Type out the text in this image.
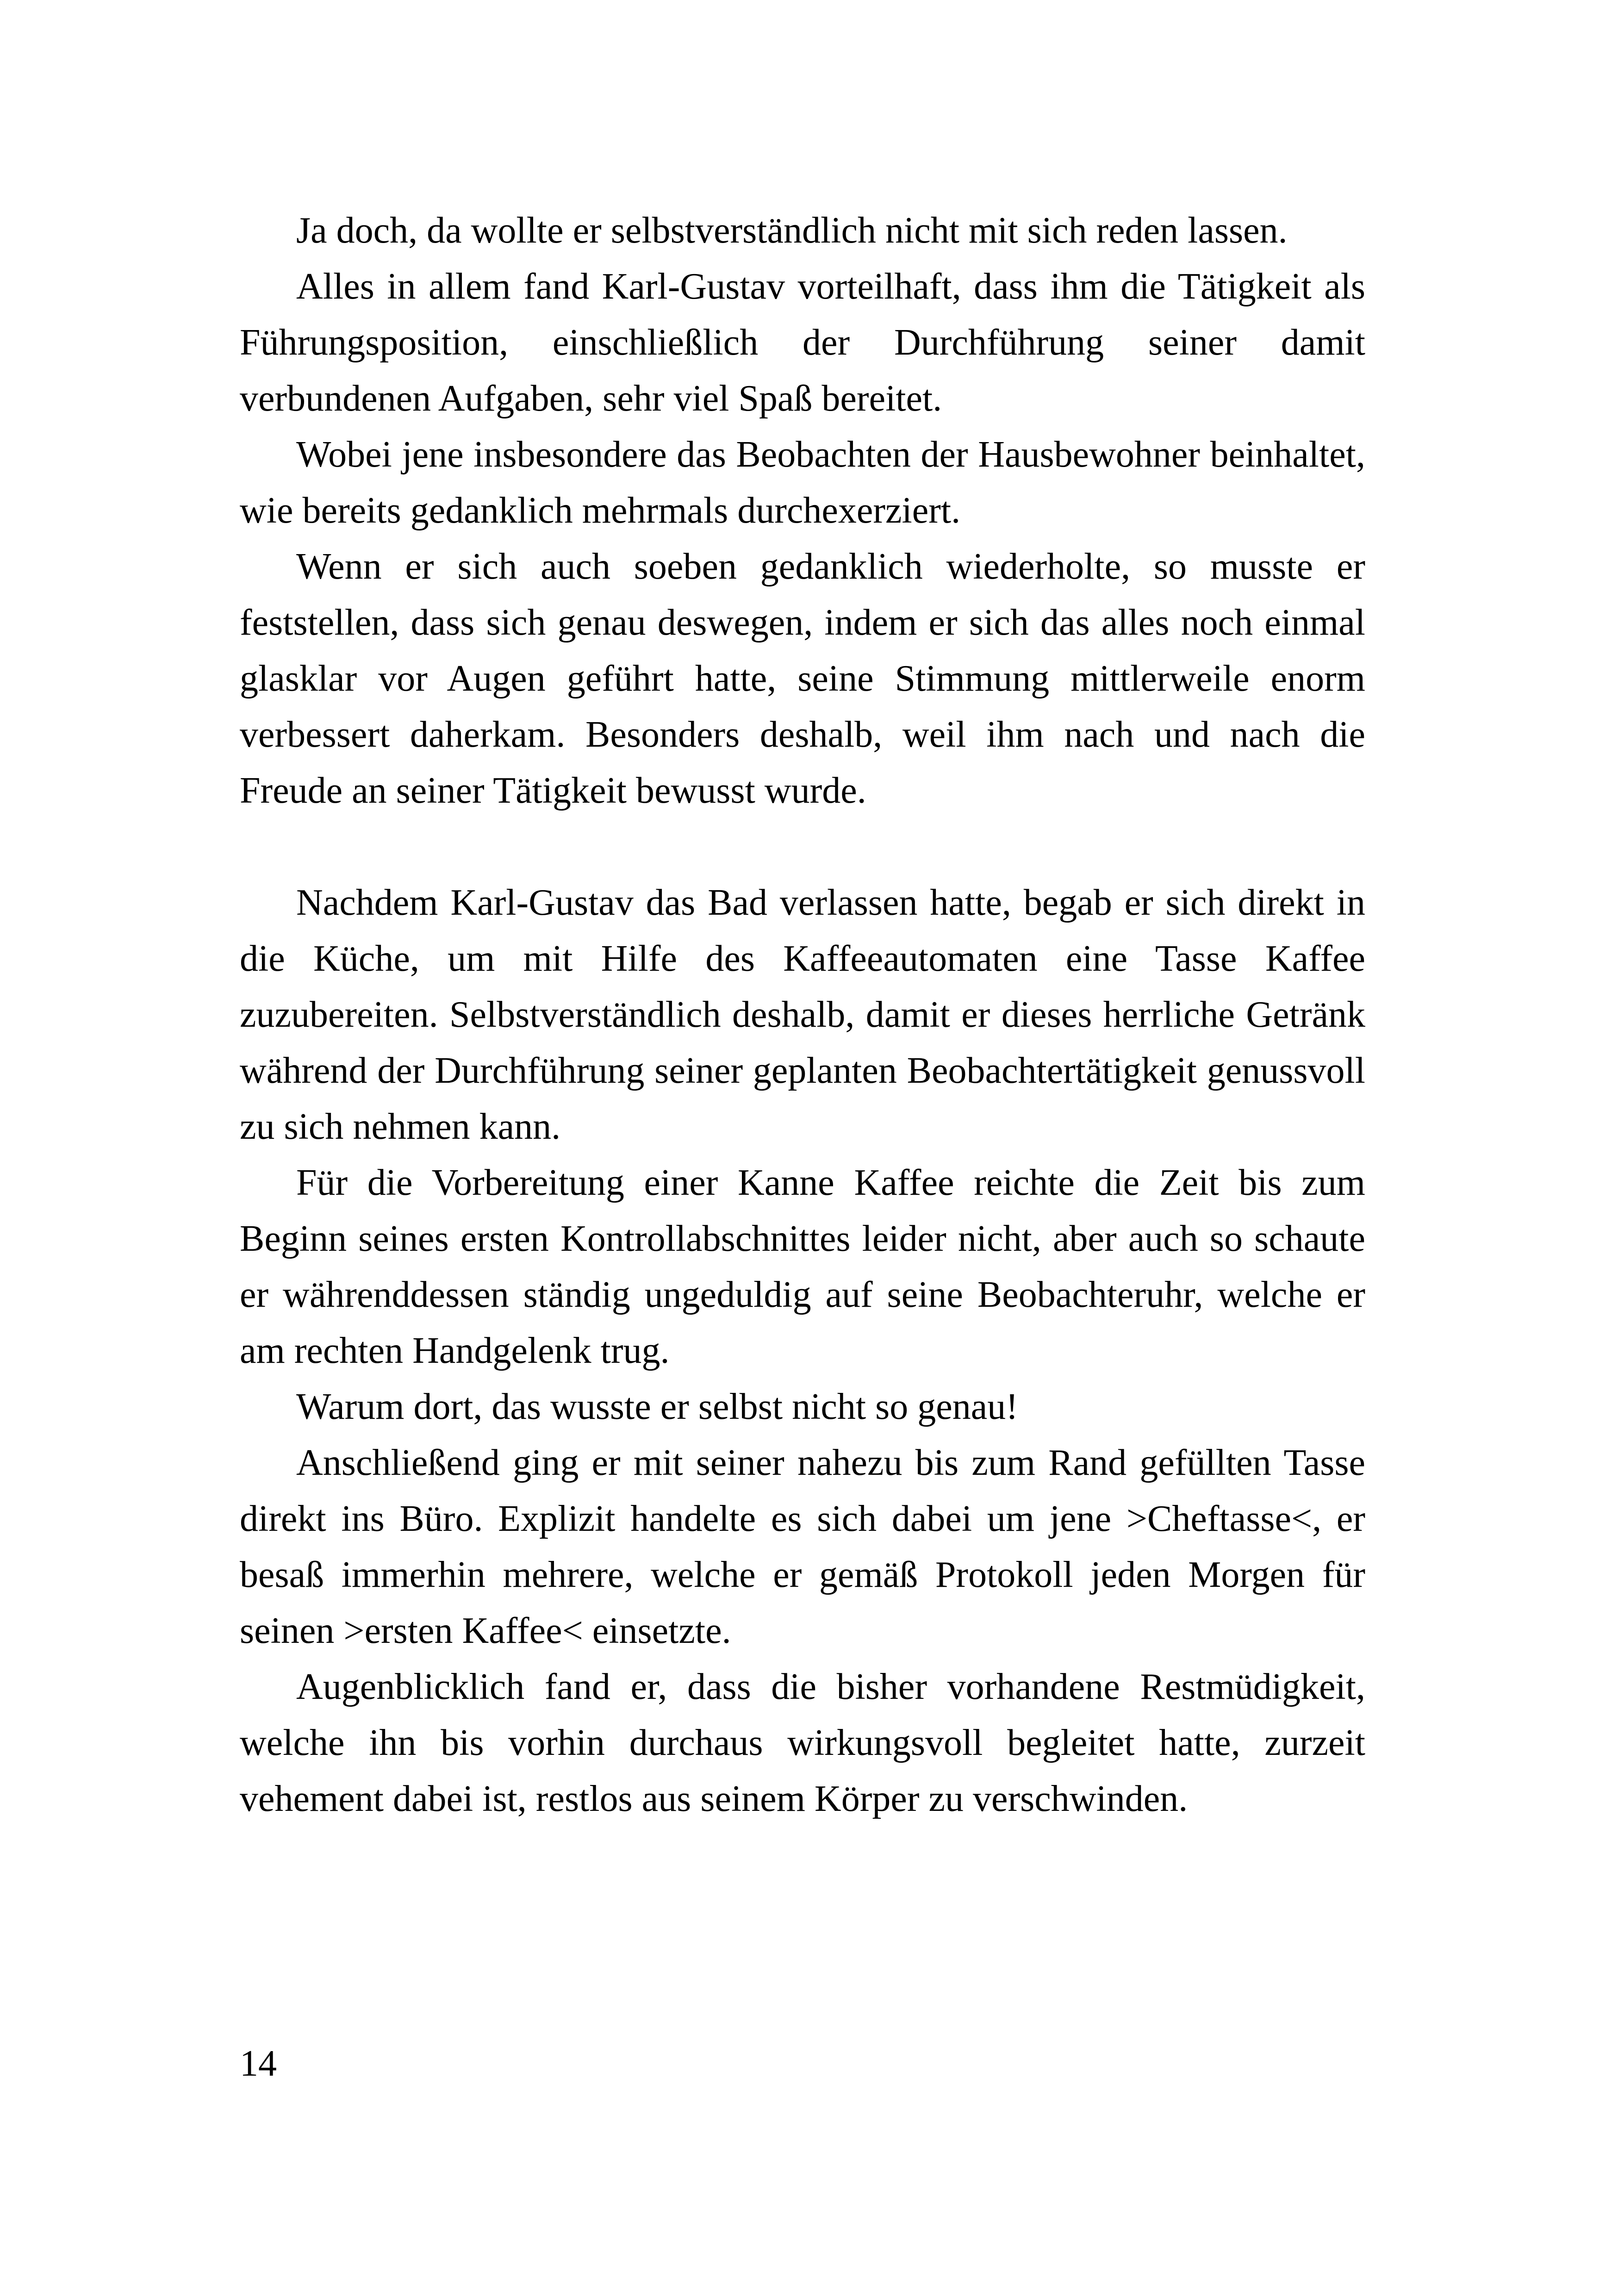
Ja doch, da wollte er selbstverständlich nicht mit sich reden lassen.

Alles in allem fand Karl-Gustav vorteilhaft, dass ihm die Tätigkeit als Führungsposition, einschließlich der Durchführung seiner damit verbundenen Aufgaben, sehr viel Spaß bereitet.

Wobei jene insbesondere das Beobachten der Hausbewohner beinhaltet, wie bereits gedanklich mehrmals durchexerziert.

Wenn er sich auch soeben gedanklich wiederholte, so musste er feststellen, dass sich genau deswegen, indem er sich das alles noch einmal glasklar vor Augen geführt hatte, seine Stimmung mittlerweile enorm verbessert daherkam. Besonders deshalb, weil ihm nach und nach die Freude an seiner Tätigkeit bewusst wurde.

Nachdem Karl-Gustav das Bad verlassen hatte, begab er sich direkt in die Küche, um mit Hilfe des Kaffeeautomaten eine Tasse Kaffee zuzubereiten. Selbstverständlich deshalb, damit er dieses herrliche Getränk während der Durchführung seiner geplanten Beobachtertätigkeit genussvoll zu sich nehmen kann.

Für die Vorbereitung einer Kanne Kaffee reichte die Zeit bis zum Beginn seines ersten Kontrollabschnittes leider nicht, aber auch so schaute er währenddessen ständig ungeduldig auf seine Beobachteruhr, welche er am rechten Handgelenk trug.

Warum dort, das wusste er selbst nicht so genau!

Anschließend ging er mit seiner nahezu bis zum Rand gefüllten Tasse direkt ins Büro. Explizit handelte es sich dabei um jene >Cheftasse<, er besaß immerhin mehrere, welche er gemäß Protokoll jeden Morgen für seinen >ersten Kaffee< einsetzte.

Augenblicklich fand er, dass die bisher vorhandene Restmüdigkeit, welche ihn bis vorhin durchaus wirkungsvoll begleitet hatte, zurzeit vehement dabei ist, restlos aus seinem Körper zu verschwinden.

14
